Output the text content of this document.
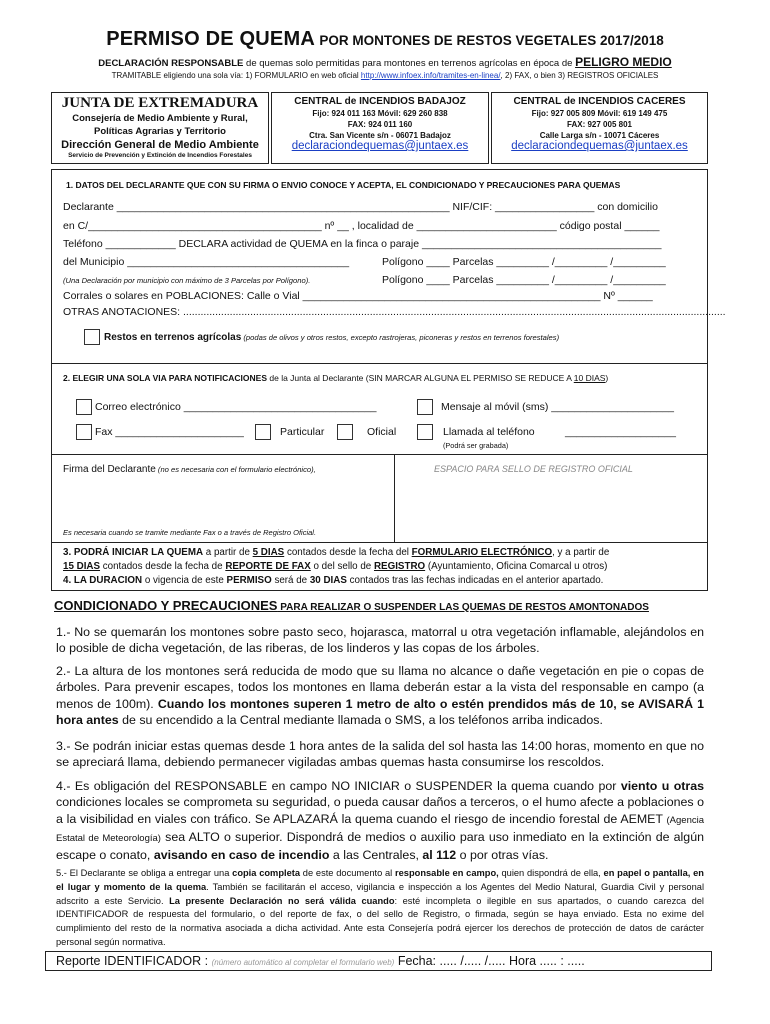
PERMISO DE QUEMA POR MONTONES DE RESTOS VEGETALES 2017/2018
DECLARACIÓN RESPONSABLE de quemas solo permitidas para montones en terrenos agrícolas en época de PELIGRO MEDIO
TRAMITABLE eligiendo una sola vía: 1) FORMULARIO en web oficial http://www.infoex.info/tramites-en-linea/, 2) FAX, o bien 3) REGISTROS OFICIALES
JUNTA DE EXTREMADURA
Consejería de Medio Ambiente y Rural,
Políticas Agrarias y Territorio
Dirección General de Medio Ambiente
Servicio de Prevención y Extinción de Incendios Forestales
CENTRAL de INCENDIOS BADAJOZ
Fijo: 924 011 163 Móvil: 629 260 838
FAX: 924 011 160
Ctra. San Vicente s/n - 06071 Badajoz
declaraciondequemas@juntaex.es
CENTRAL de INCENDIOS CACERES
Fijo: 927 005 809 Móvil: 619 149 475
FAX: 927 005 801
Calle Larga s/n - 10071 Cáceres
declaraciondequemas@juntaex.es
1. DATOS DEL DECLARANTE QUE CON SU FIRMA O ENVIO CONOCE Y ACEPTA, EL CONDICIONADO Y PRECAUCIONES PARA QUEMAS
Declarante _________________________________________________________ NIF/CIF: _________________ con domicilio
en C/________________________________________ nº __ , localidad de ________________________ código postal ______
Teléfono ____________ DECLARA actividad de QUEMA en la finca o paraje _________________________________________
del Municipio ______________________________________	Polígono ____ Parcelas _________ /_________ /_________
(Una Declaración por municipio con máximo de 3 Parcelas por Polígono).	Polígono ____ Parcelas _________ /_________ /_________
Corrales o solares en POBLACIONES: Calle o Vial ___________________________________________________ Nº ______
OTRAS ANOTACIONES: ..........................................................................................................................................................................................
Restos en terrenos agrícolas (podas de olivos y otros restos, excepto rastrojeras, piconeras y restos en terrenos forestales)
2. ELEGIR UNA SOLA VIA PARA NOTIFICACIONES de la Junta al Declarante (SIN MARCAR ALGUNA EL PERMISO SE REDUCE A 10 DIAS)
Correo electrónico _________________________________	Mensaje al móvil (sms) _____________________
Fax ______________________	Particular	Oficial	Llamada al teléfono	___________________
(Podrá ser grabada)
Firma del Declarante (no es necesaria con el formulario electrónico),	ESPACIO PARA SELLO DE REGISTRO OFICIAL
Es necesaria cuando se tramite mediante Fax o a través de Registro Oficial.
3. PODRÁ INICIAR LA QUEMA a partir de 5 DIAS contados desde la fecha del FORMULARIO ELECTRÓNICO, y a partir de
15 DIAS contados desde la fecha de REPORTE DE FAX o del sello de REGISTRO (Ayuntamiento, Oficina Comarcal u otros)
4. LA DURACION o vigencia de este PERMISO será de 30 DIAS contados tras las fechas indicadas en el anterior apartado.
CONDICIONADO Y PRECAUCIONES PARA REALIZAR O SUSPENDER LAS QUEMAS DE RESTOS AMONTONADOS
1.- No se quemarán los montones sobre pasto seco, hojarasca, matorral u otra vegetación inflamable, alejándolos en lo posible de dicha vegetación, de las riberas, de los linderos y las copas de los árboles.
2.- La altura de los montones será reducida de modo que su llama no alcance o dañe vegetación en pie o copas de árboles. Para prevenir escapes, todos los montones en llama deberán estar a la vista del responsable en campo (a menos de 100m). Cuando los montones superen 1 metro de alto o estén prendidos más de 10, se AVISARÁ 1 hora antes de su encendido a la Central mediante llamada o SMS, a los teléfonos arriba indicados.
3.- Se podrán iniciar estas quemas desde 1 hora antes de la salida del sol hasta las 14:00 horas, momento en que no se apreciará llama, debiendo permanecer vigiladas ambas quemas hasta consumirse los rescoldos.
4.- Es obligación del RESPONSABLE en campo NO INICIAR o SUSPENDER la quema cuando por viento u otras condiciones locales se comprometa su seguridad, o pueda causar daños a terceros, o el humo afecte a poblaciones o a la visibilidad en viales con tráfico. Se APLAZARÁ la quema cuando el riesgo de incendio forestal de AEMET (Agencia Estatal de Meteorología) sea ALTO o superior. Dispondrá de medios o auxilio para uso inmediato en la extinción de algún escape o conato, avisando en caso de incendio a las Centrales, al 112 o por otras vías.
5.- El Declarante se obliga a entregar una copia completa de este documento al responsable en campo, quien dispondrá de ella, en papel o pantalla, en el lugar y momento de la quema. También se facilitarán el acceso, vigilancia e inspección a los Agentes del Medio Natural, Guardia Civil y personal adscrito a este Servicio. La presente Declaración no será válida cuando: esté incompleta o ilegible en sus apartados, o cuando carezca del IDENTIFICADOR de respuesta del formulario, o del reporte de fax, o del sello de Registro, o firmada, según se haya enviado. Esta no exime del cumplimiento del resto de la normativa asociada a dicha actividad. Ante esta Consejería podrá ejercer los derechos de protección de datos de carácter personal según normativa.
Reporte IDENTIFICADOR : (número automático al completar el formulario web) Fecha: ..... /..... /..... Hora ..... : .....
